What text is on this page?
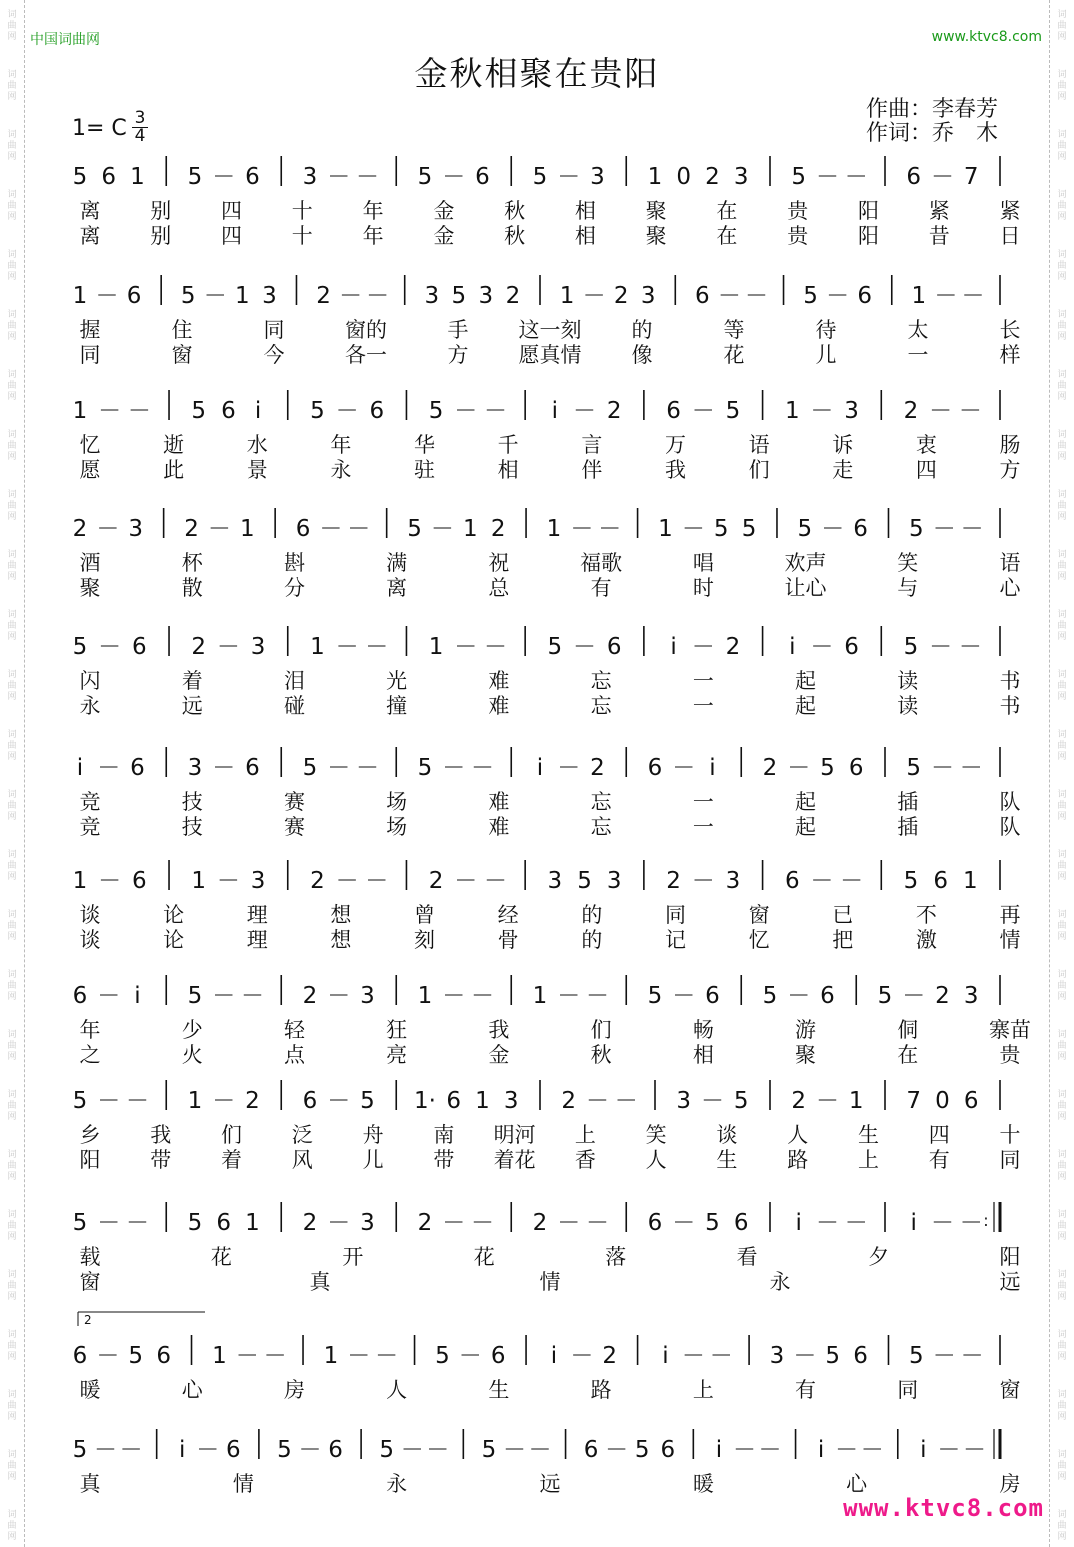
词
曲
网
词
曲
网
词
曲
网
词
曲
网
词
曲
网
词
曲
网
词
曲
网
词
曲
网
词
曲
网
词
曲
网
词
曲
网
词
曲
网
词
曲
网
词
曲
网
词
曲
网
词
曲
网
词
曲
网
词
曲
网
词
曲
网
词
曲
网
词
曲
网
词
曲
网
词
曲
网
词
曲
网
词
曲
网
词
曲
网
词
曲
网
词
曲
网
词
曲
网
词
曲
网
词
曲
网
词
曲
网
词
曲
网
词
曲
网
词
曲
网
词
曲
网
词
曲
网
词
曲
网
词
曲
网
词
曲
网
词
曲
网
词
曲
网
词
曲
网
词
曲
网
词
曲
网
词
曲
网
词
曲
网
词
曲
网
词
曲
网
词
曲
网
词
曲
网
词
曲
网
中国词曲网	www.ktvc8.com
金秋相聚在贵阳
作曲：李春芳
作词：乔　木
1= C 3
4
5 6 1 5 － 6 3 － － 5 － 6 5 － 3 1 0 2 3 5 － － 6 － 7
离 别 四 十 年 金 秋 相 聚 在 贵 阳 紧 紧
离 别 四 十 年 金 秋 相 聚 在 贵 阳 昔 日
1 － 6 5 － 1 3 2 － － 3 5 3 2 1 － 2 3 6 － － 5 － 6 1 － －
握	住	同	窗的	手 这一刻 的	等	待	太	长
同	窗	今	各一	方 愿真情 像	花	儿	一	样
1 － － 5 6 i 5 － 6 5 － － i － 2 6 － 5 1 － 3 2 － －
忆	逝	水	年	华	千	言	万	语	诉	衷	肠
愿	此	景	永	驻	相	伴	我	们	走	四	方
2 － 3 2 － 1 6 － － 5 － 1 2 1 － － 1 － 5 5 5 － 6 5 － －
酒	杯	斟	满	祝	福歌	唱	欢声	笑	语
聚	散	分	离	总	有	时	让心	与	心
5 － 6 2 － 3 1 － － 1 － － 5 － 6 i － 2 i － 6 5 － －
闪	着	泪	光	难	忘	一	起	读	书
永	远	碰	撞	难	忘	一	起	读	书
i － 6 3 － 6 5 － － 5 － － i － 2 6 － i 2 － 5 6 5 － －
竞	技	赛	场	难	忘	一	起	插	队
竞	技	赛	场	难	忘	一	起	插	队
1 － 6 1 － 3 2 － － 2 － － 3 5 3 2 － 3 6 － － 5 6 1
谈	论	理	想	曾	经	的	同	窗	已	不	再
谈	论	理	想	刻	骨	的	记	忆	把	激	情
6 － i 5 － － 2 － 3 1 － － 1 － － 5 － 6 5 － 6 5 － 2 3
年	少	轻	狂	我	们	畅	游	侗	寨苗
之	火	点	亮	金	秋	相	聚	在	贵
5 － － 1 － 2 6 － 5 1· 6 1 3 2 － － 3 － 5 2 － 1 7 0 6
乡 我 们 泛 舟 南 明河 上 笑 谈 人 生 四 十
阳 带 着 风 儿 带 着花 香 人 生 路 上 有 同
5 － － 5 6 1 2 － 3 2 － － 2 － － 6 － 5 6 i － － i － － :
载	花	开	花	落	看	夕	阳
窗	真	情	永	远
6 － 5 6 1 － － 1 － － 5 － 6 i － 2 i － － 3 － 5 6 5 － －
暖	心	房	人	生	路	上	有	同	窗
5 － － i － 6 5 － 6 5 － － 5 － － 6 － 5 6 i － － i － － i － －
真	情	永	远	暖	心	房
2
www.ktvc8.com
